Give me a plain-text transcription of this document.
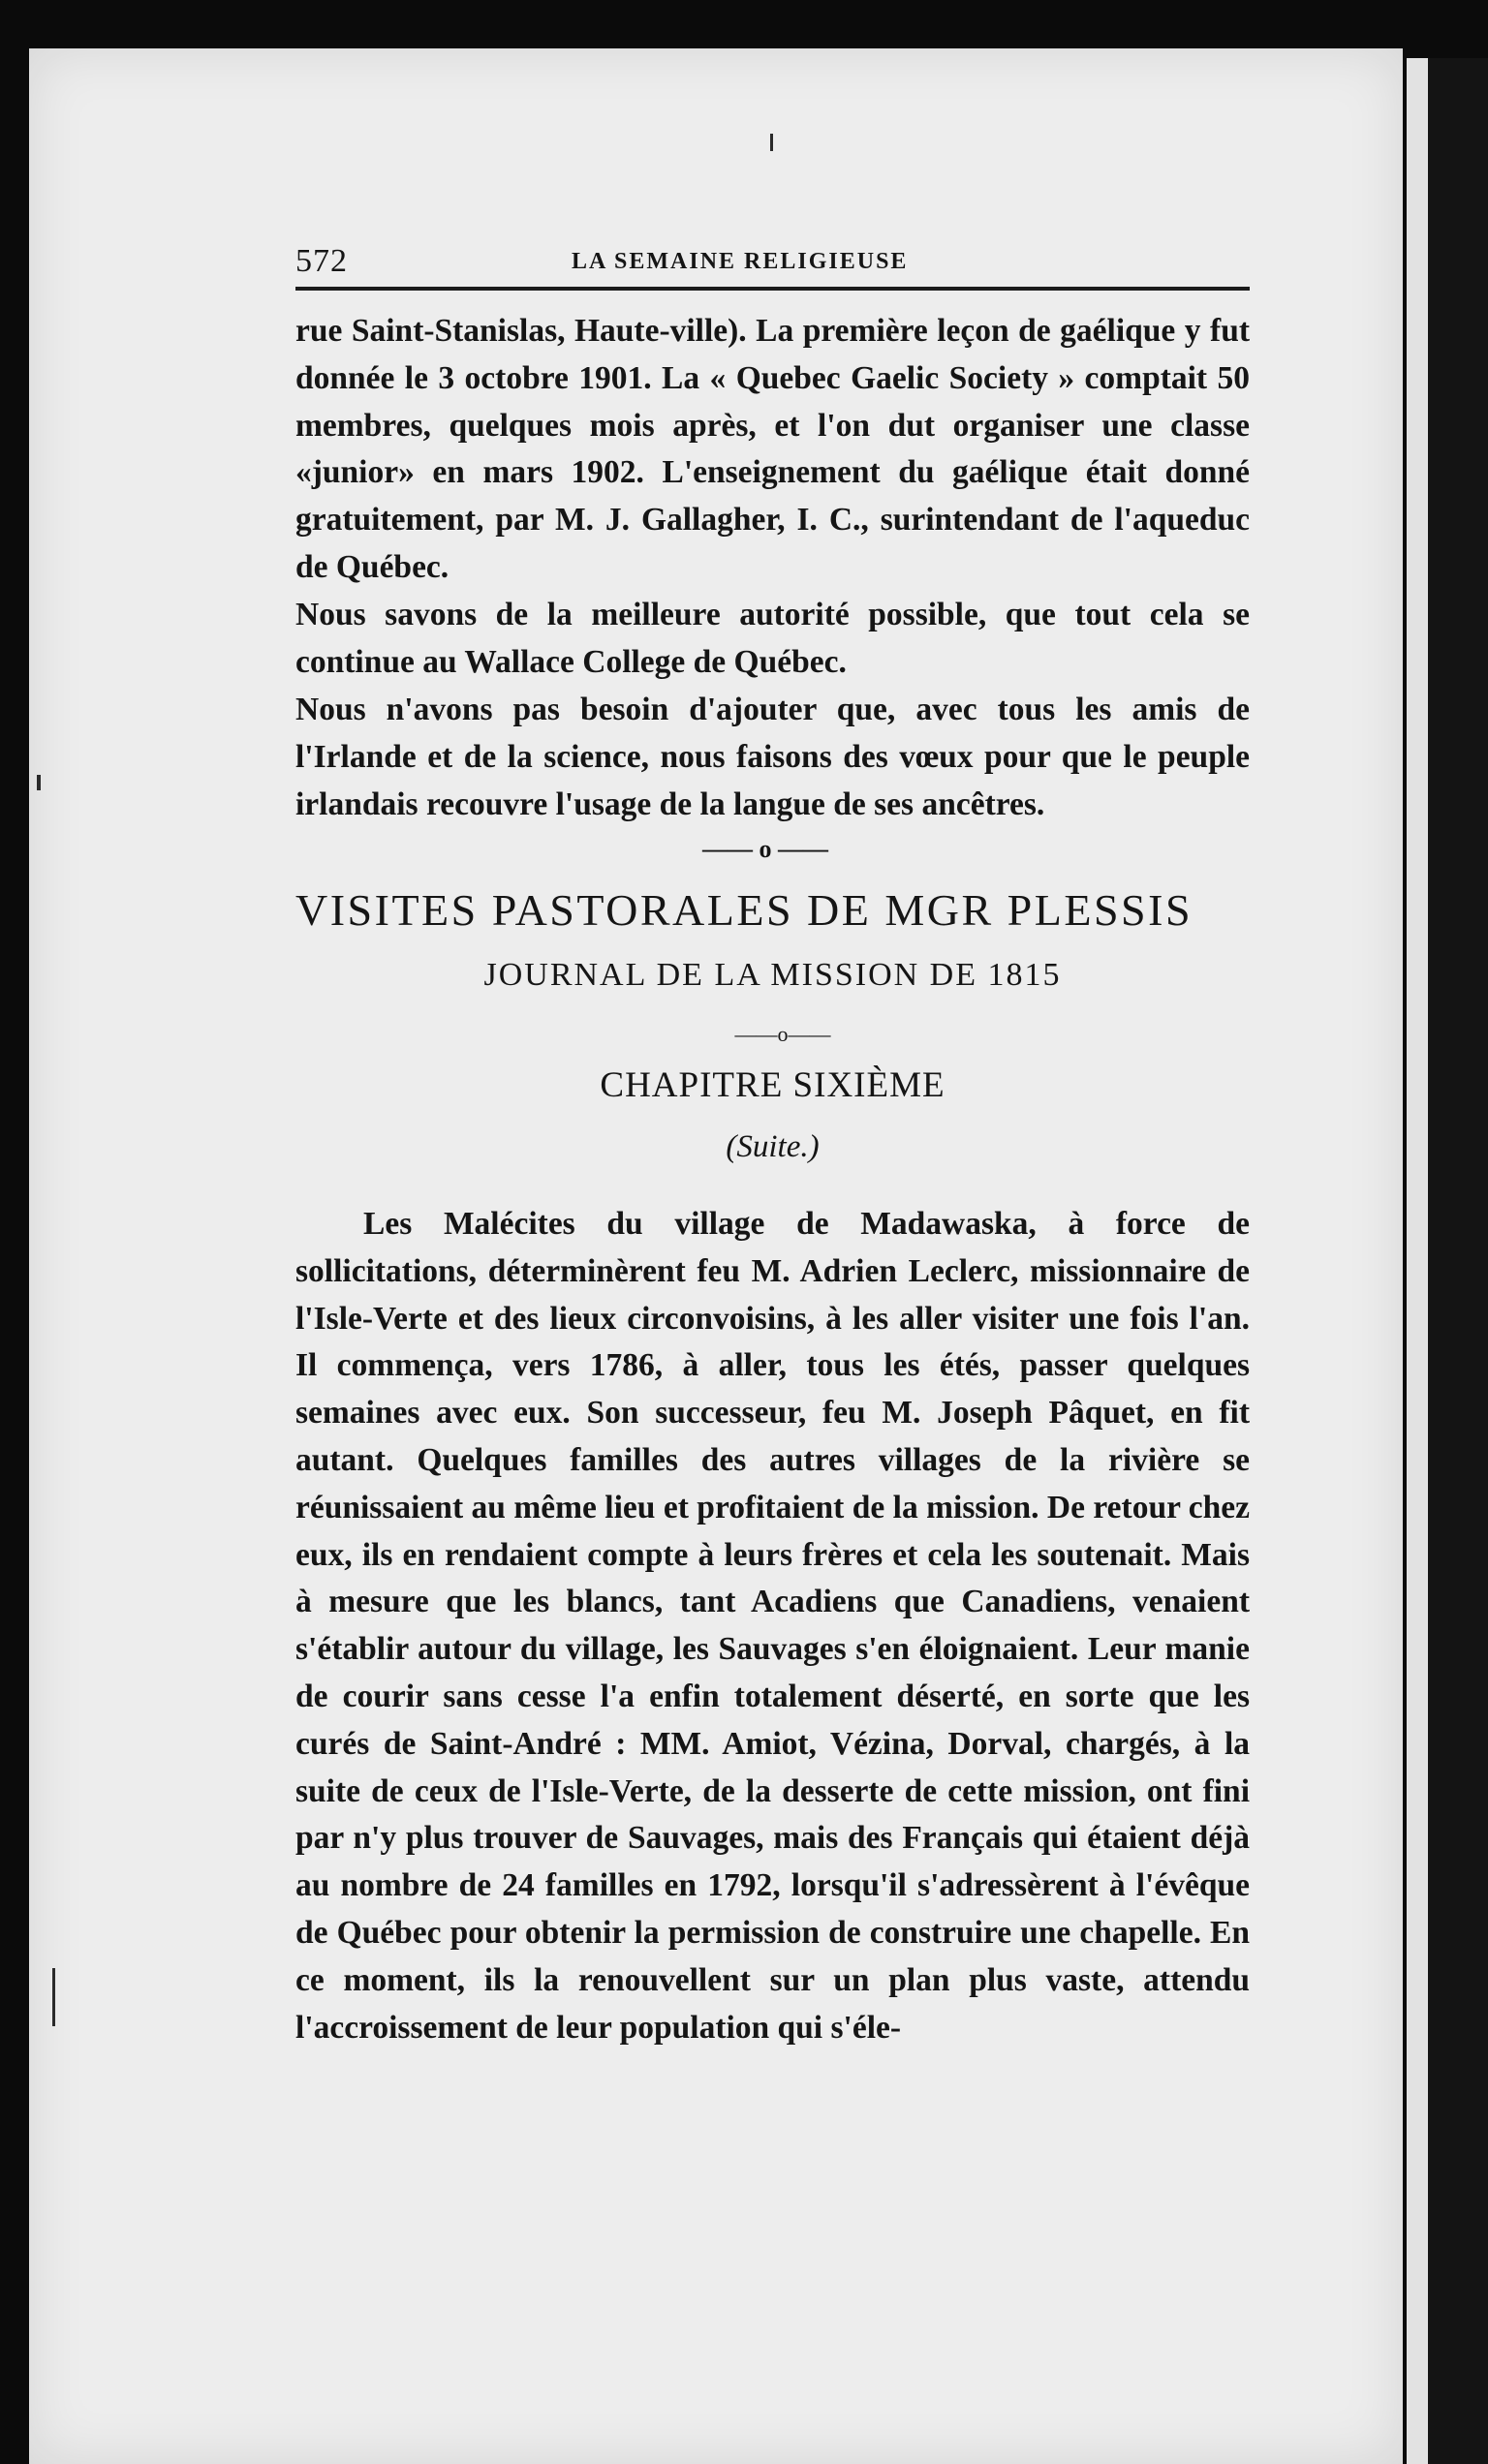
572	LA SEMAINE RELIGIEUSE

rue Saint-Stanislas, Haute-ville). La première leçon de gaélique y fut donnée le 3 octobre 1901. La « Quebec Gaelic Society » comptait 50 membres, quelques mois après, et l'on dut organiser une classe «junior» en mars 1902. L'enseignement du gaélique était donné gratuitement, par M. J. Gallagher, I. C., surintendant de l'aqueduc de Québec.

Nous savons de la meilleure autorité possible, que tout cela se continue au Wallace College de Québec.

Nous n'avons pas besoin d'ajouter que, avec tous les amis de l'Irlande et de la science, nous faisons des vœux pour que le peuple irlandais recouvre l'usage de la langue de ses ancêtres.

—— o ——
VISITES PASTORALES DE MGR PLESSIS
JOURNAL DE LA MISSION DE 1815
——o——
CHAPITRE SIXIÈME
(Suite.)

Les Malécites du village de Madawaska, à force de sollicitations, déterminèrent feu M. Adrien Leclerc, missionnaire de l'Isle-Verte et des lieux circonvoisins, à les aller visiter une fois l'an. Il commença, vers 1786, à aller, tous les étés, passer quelques semaines avec eux. Son successeur, feu M. Joseph Pâquet, en fit autant. Quelques familles des autres villages de la rivière se réunissaient au même lieu et profitaient de la mission. De retour chez eux, ils en rendaient compte à leurs frères et cela les soutenait. Mais à mesure que les blancs, tant Acadiens que Canadiens, venaient s'établir autour du village, les Sauvages s'en éloignaient. Leur manie de courir sans cesse l'a enfin totalement déserté, en sorte que les curés de Saint-André : MM. Amiot, Vézina, Dorval, chargés, à la suite de ceux de l'Isle-Verte, de la desserte de cette mission, ont fini par n'y plus trouver de Sauvages, mais des Français qui étaient déjà au nombre de 24 familles en 1792, lorsqu'il s'adressèrent à l'évêque de Québec pour obtenir la permission de construire une chapelle. En ce moment, ils la renouvellent sur un plan plus vaste, attendu l'accroissement de leur population qui s'éle-
